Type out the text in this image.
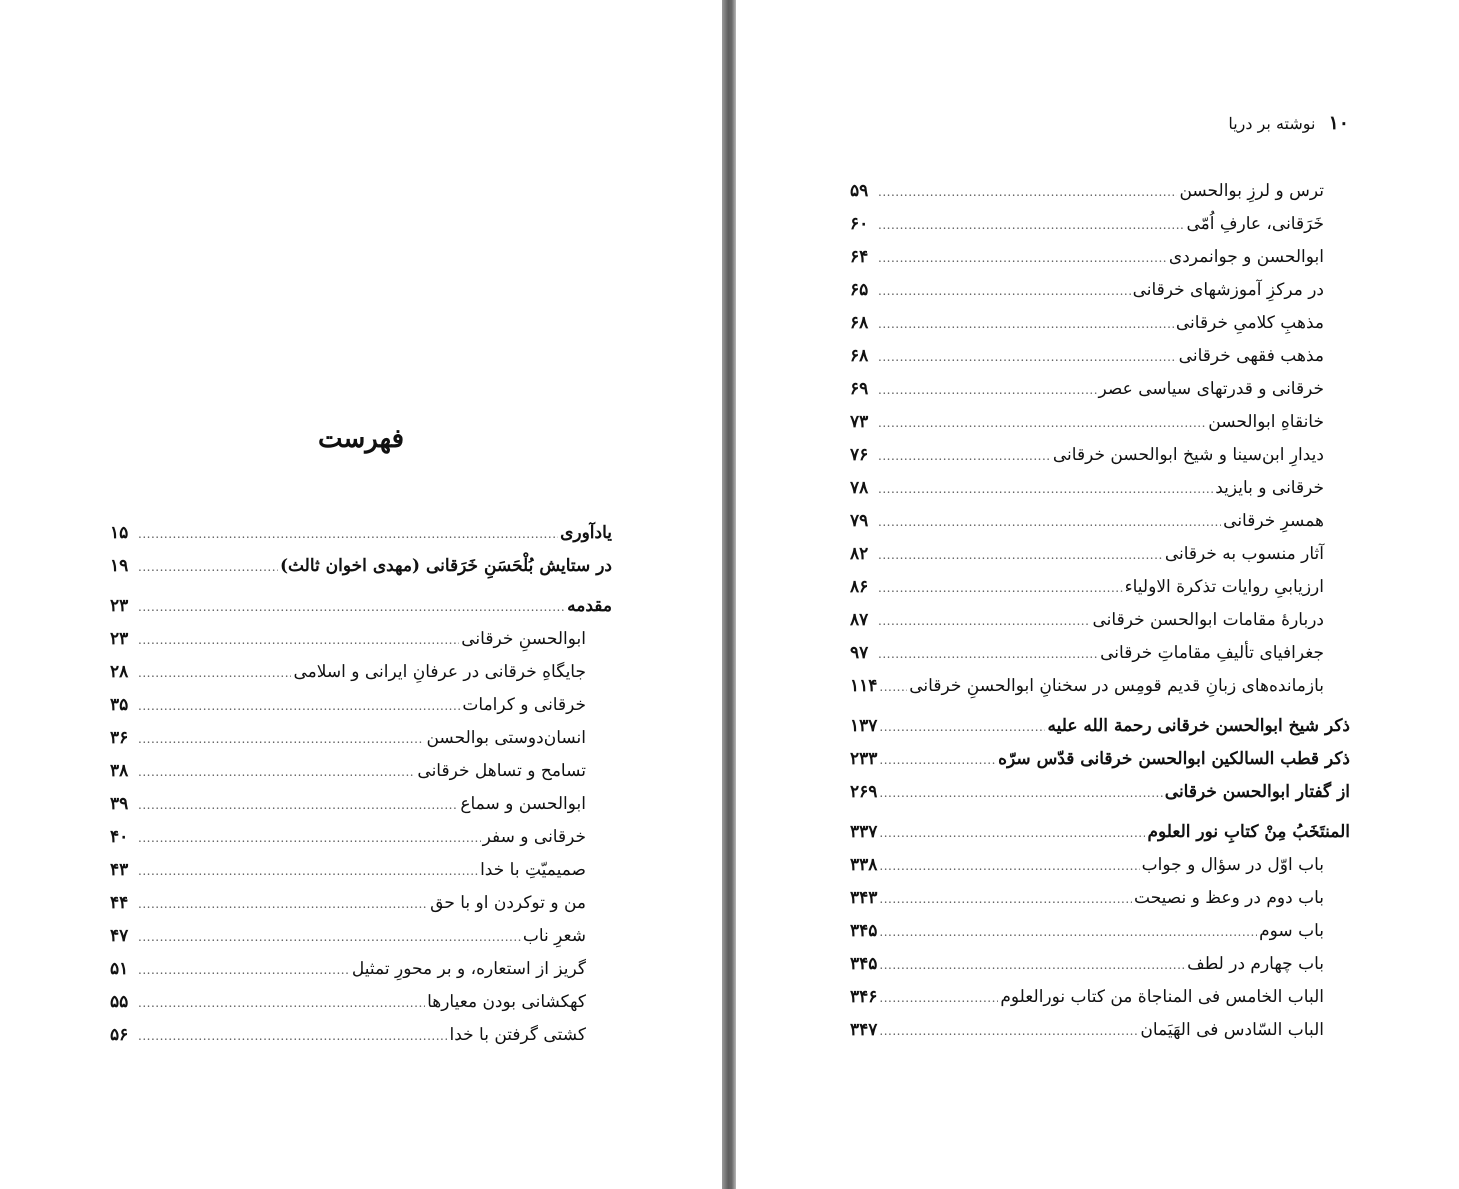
فهرست
یادآوری
.....
۱۵
در ستایش بُلْحَسَنِ خَرَقانی (مهدی اخوان ثالث)
.....
۱۹
مقدمه
.....
۲۳
ابوالحسنِ خرقانی
.....
۲۳
جایگاهِ خرقانی در عرفانِ ایرانی و اسلامی
.....
۲۸
خرقانی و کرامات
.....
۳۵
انسان‌دوستی بوالحسن
.....
۳۶
تسامح و تساهل خرقانی
.....
۳۸
ابوالحسن و سماع
.....
۳۹
خرقانی و سفر
.....
۴۰
صمیمیّتِ با خدا
.....
۴۳
من و توکردن او با حق
.....
۴۴
شعرِ ناب
.....
۴۷
گریز از استعاره، و بر محورِ تمثیل
.....
۵۱
کهکشانی بودن معیارها
.....
۵۵
کشتی گرفتن با خدا
.....
۵۶
۱۰ نوشته بر دریا
ترس و لرزِ بوالحسن
.....
۵۹
خَرَقانی، عارفِ اُمّی
.....
۶۰
ابوالحسن و جوانمردی
.....
۶۴
در مرکزِ آموزشهای خرقانی
.....
۶۵
مذهبِ کلامیِ خرقانی
.....
۶۸
مذهب فقهی خرقانی
.....
۶۸
خرقانی و قدرتهای سیاسی عصر
.....
۶۹
خانقاهِ ابوالحسن
.....
۷۳
دیدارِ ابن‌سینا و شیخ ابوالحسن خرقانی
.....
۷۶
خرقانی و بایزید
.....
۷۸
همسرِ خرقانی
.....
۷۹
آثار منسوب به خرقانی
.....
۸۲
ارزیابیِ روایات تذکرة الاولیاء
.....
۸۶
دربارهٔ مقامات ابوالحسن خرقانی
.....
۸۷
جغرافیای تألیفِ مقاماتِ خرقانی
.....
۹۷
بازمانده‌های زبانِ قدیم قومِس در سخنانِ ابوالحسنِ خرقانی
.....
۱۱۴
ذکر شیخ ابوالحسن خرقانی رحمة الله علیه
.....
۱۳۷
ذکر قطب السالکین ابوالحسن خرقانی قدّس سرّه
.....
۲۳۳
از گفتار ابوالحسن خرقانی
.....
۲۶۹
المنتَخَبُ مِنْ کتابِ نور العلوم
.....
۳۳۷
باب اوّل در سؤال و جواب
.....
۳۳۸
باب دوم در وعظ و نصیحت
.....
۳۴۳
باب سوم
.....
۳۴۵
باب چهارم در لطف
.....
۳۴۵
الباب الخامس فی المناجاة من کتاب نورالعلوم
.....
۳۴۶
الباب السّادس فی الهَیَمان
.....
۳۴۷
